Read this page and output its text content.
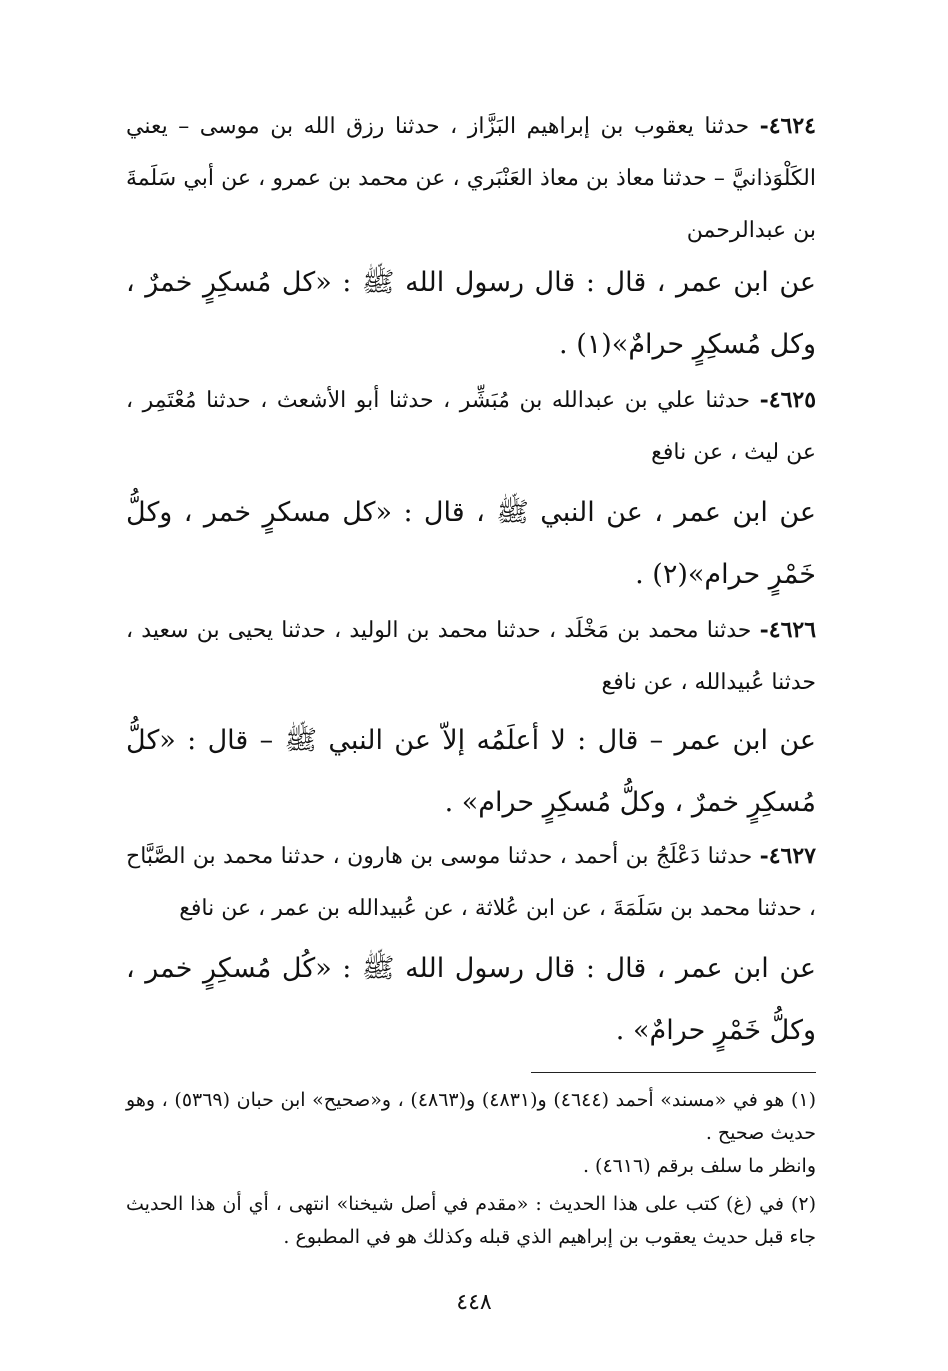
٤٦٢٤- حدثنا يعقوب بن إبراهيم البَزَّاز ، حدثنا رزق الله بن موسى – يعني الكَلْوَذانيَّ – حدثنا معاذ بن معاذ العَنْبَري ، عن محمد بن عمرو ، عن أبي سَلَمةَ بن عبدالرحمن
عن ابن عمر ، قال : قال رسول الله ﷺ : «كل مُسكِرٍ خمرٌ ، وكل مُسكِرٍ حرامٌ»(١) .
٤٦٢٥- حدثنا علي بن عبدالله بن مُبَشِّر ، حدثنا أبو الأشعث ، حدثنا مُعْتَمِر ، عن ليث ، عن نافع
عن ابن عمر ، عن النبي ﷺ ، قال : «كل مسكرٍ خمر ، وكلُّ خَمْرٍ حرام»(٢) .
٤٦٢٦- حدثنا محمد بن مَخْلَد ، حدثنا محمد بن الوليد ، حدثنا يحيى بن سعيد ، حدثنا عُبيدالله ، عن نافع
عن ابن عمر – قال : لا أعلَمُه إلاّ عن النبي ﷺ – قال : «كلُّ مُسكِرٍ خمرٌ ، وكلُّ مُسكِرٍ حرام» .
٤٦٢٧- حدثنا دَعْلَجُ بن أحمد ، حدثنا موسى بن هارون ، حدثنا محمد بن الصَّبَّاح ، حدثنا محمد بن سَلَمَةَ ، عن ابن عُلاثة ، عن عُبيدالله بن عمر ، عن نافع
عن ابن عمر ، قال : قال رسول الله ﷺ : «كُل مُسكِرٍ خمر ، وكلُّ خَمْرٍ حرامٌ» .
(١) هو في «مسند» أحمد (٤٦٤٤) و(٤٨٣١) و(٤٨٦٣) ، و«صحيح» ابن حبان (٥٣٦٩) ، وهو حديث صحيح .
وانظر ما سلف برقم (٤٦١٦) .
(٢) في (غ) كتب على هذا الحديث : «مقدم في أصل شيخنا» انتهى ، أي أن هذا الحديث جاء قبل حديث يعقوب بن إبراهيم الذي قبله وكذلك هو في المطبوع .
٤٤٨
